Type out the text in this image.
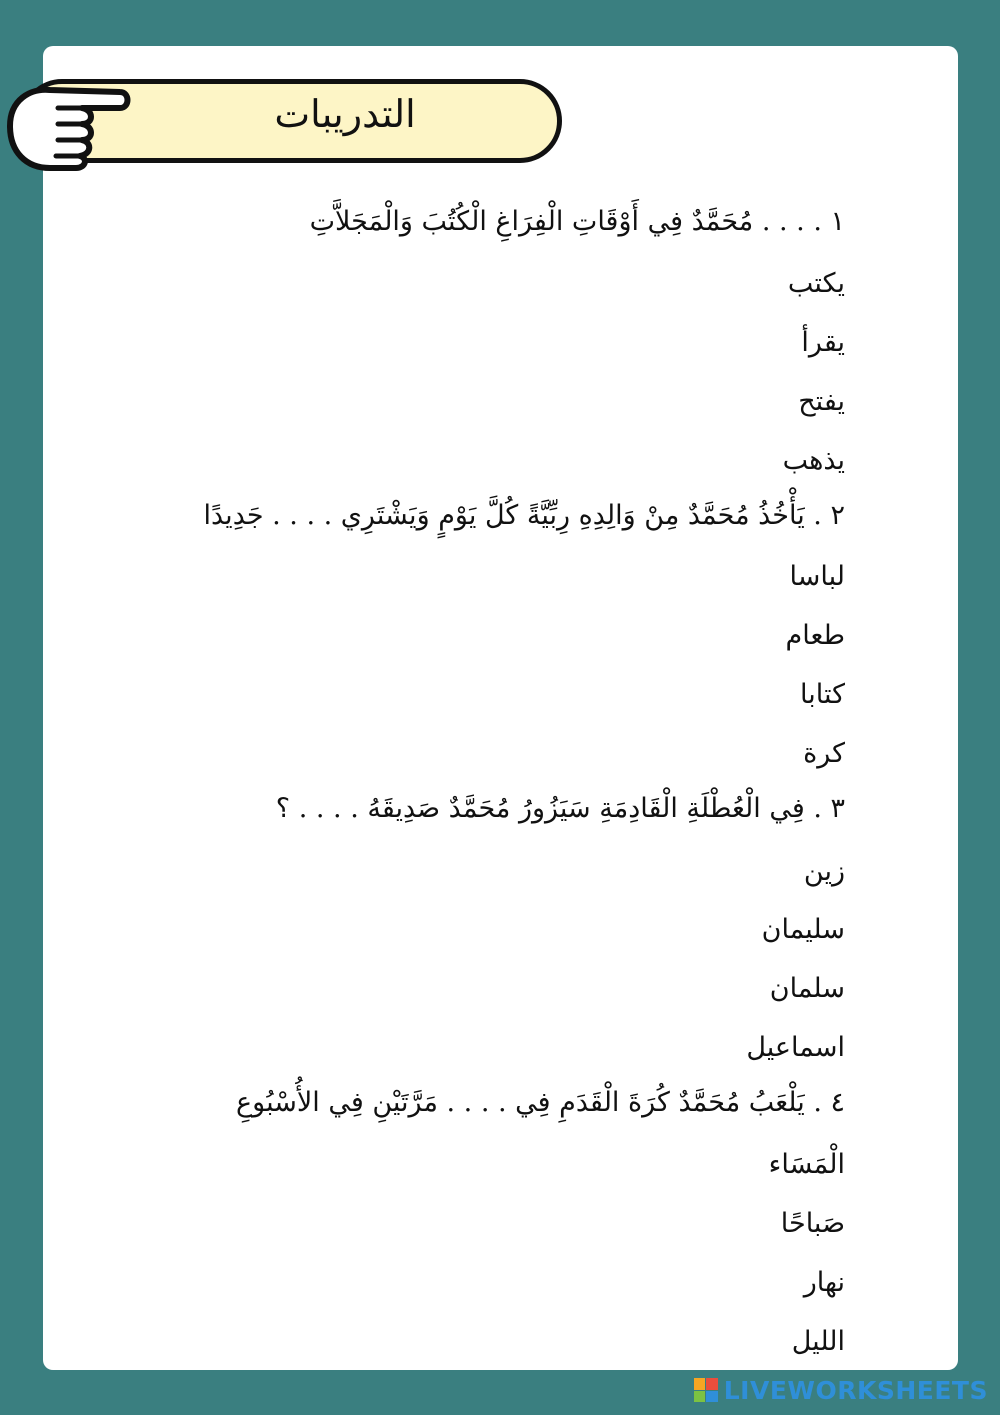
التدريبات
١ . . . . مُحَمَّدٌ فِي أَوْقَاتِ الْفِرَاغِ الْكُتُبَ وَالْمَجَلاَّتِ
يكتب
يقرأ
يفتح
يذهب
٢ . يَأْخُذُ مُحَمَّدٌ مِنْ وَالِدِهِ رِبِّيَّةً كُلَّ يَوْمٍ وَيَشْتَرِي . . . . جَدِيدًا
لباسا
طعام
كتابا
كرة
٣ . فِي الْعُطْلَةِ الْقَادِمَةِ سَيَزُورُ مُحَمَّدٌ صَدِيقَهُ . . . . ؟
زين
سليمان
سلمان
اسماعيل
٤ . يَلْعَبُ مُحَمَّدٌ كُرَةَ الْقَدَمِ فِي . . . . مَرَّتَيْنِ فِي الأُسْبُوعِ
الْمَسَاء
صَباحًا
نهار
الليل
LIVEWORKSHEETS
